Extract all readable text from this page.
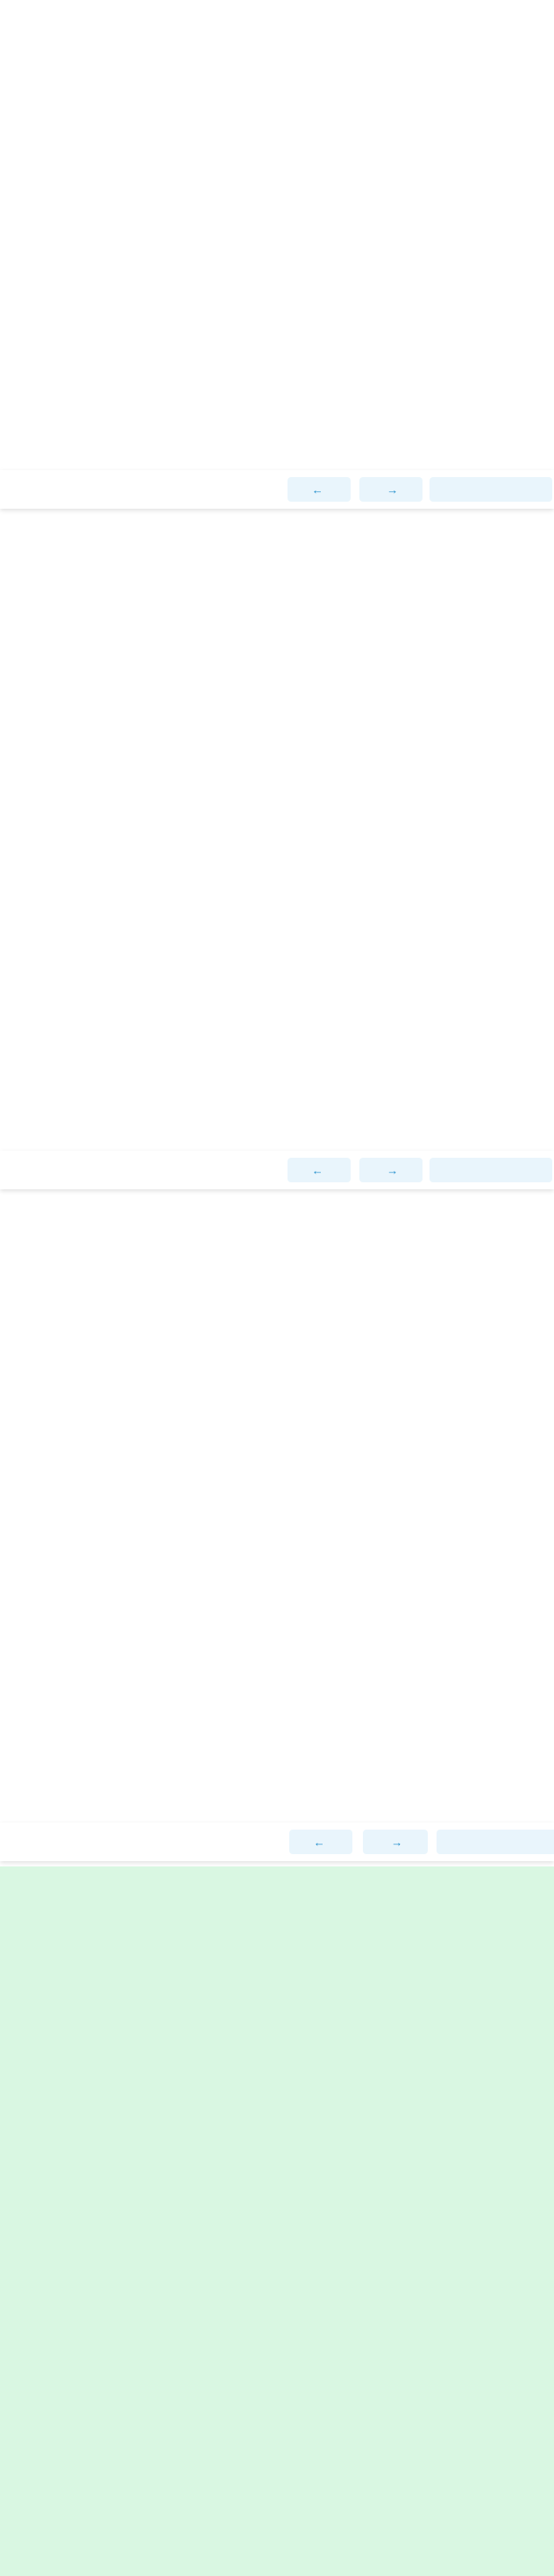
←	→
←	→
←	→
